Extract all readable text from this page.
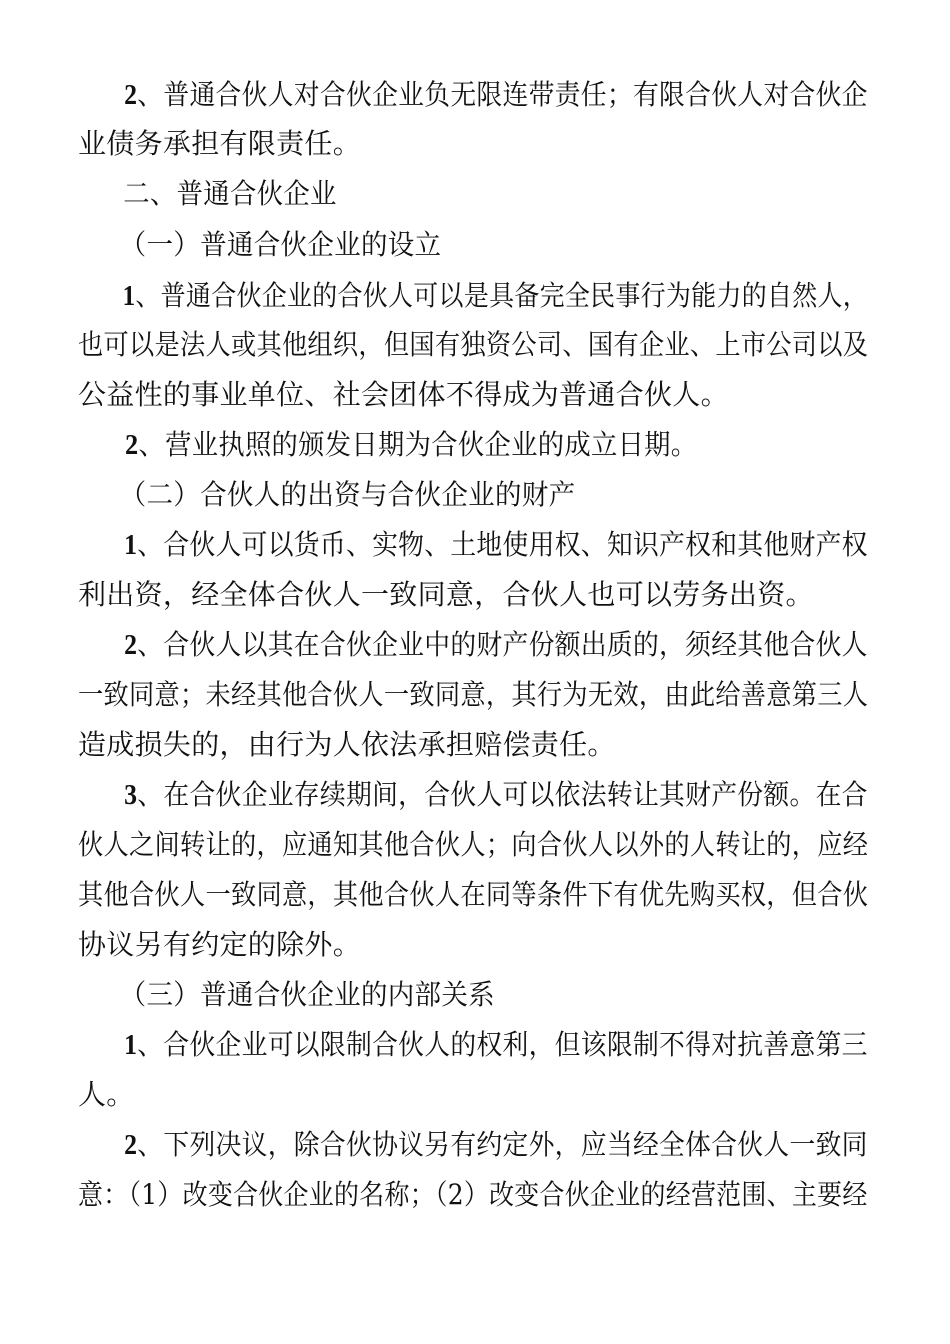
2、普通合伙人对合伙企业负无限连带责任；有限合伙人对合伙企
业债务承担有限责任。
二、普通合伙企业
（一）普通合伙企业的设立
1、普通合伙企业的合伙人可以是具备完全民事行为能力的自然人，
也可以是法人或其他组织，但国有独资公司、国有企业、上市公司以及
公益性的事业单位、社会团体不得成为普通合伙人。
2、营业执照的颁发日期为合伙企业的成立日期。
（二）合伙人的出资与合伙企业的财产
1、合伙人可以货币、实物、土地使用权、知识产权和其他财产权
利出资，经全体合伙人一致同意，合伙人也可以劳务出资。
2、合伙人以其在合伙企业中的财产份额出质的，须经其他合伙人
一致同意；未经其他合伙人一致同意，其行为无效，由此给善意第三人
造成损失的，由行为人依法承担赔偿责任。
3、在合伙企业存续期间，合伙人可以依法转让其财产份额。在合
伙人之间转让的，应通知其他合伙人；向合伙人以外的人转让的，应经
其他合伙人一致同意，其他合伙人在同等条件下有优先购买权，但合伙
协议另有约定的除外。
（三）普通合伙企业的内部关系
1、合伙企业可以限制合伙人的权利，但该限制不得对抗善意第三
人。
2、下列决议，除合伙协议另有约定外，应当经全体合伙人一致同
意：（1）改变合伙企业的名称；（2）改变合伙企业的经营范围、主要经
